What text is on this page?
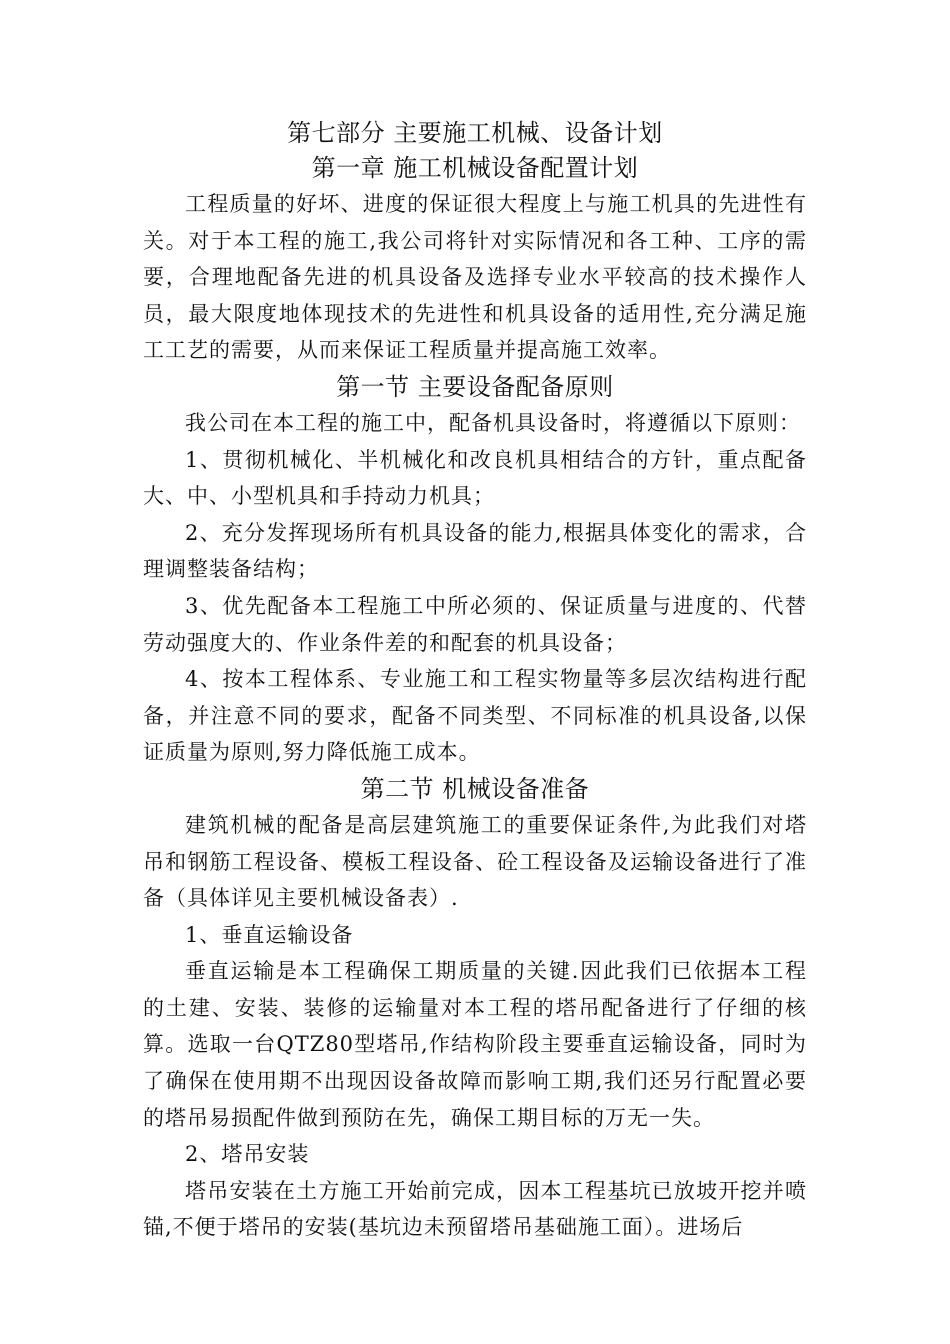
第七部分 主要施工机械、设备计划
第一章 施工机械设备配置计划

工程质量的好坏、进度的保证很大程度上与施工机具的先进性有关。对于本工程的施工,我公司将针对实际情况和各工种、工序的需要，合理地配备先进的机具设备及选择专业水平较高的技术操作人员，最大限度地体现技术的先进性和机具设备的适用性,充分满足施工工艺的需要，从而来保证工程质量并提高施工效率。

第一节 主要设备配备原则

我公司在本工程的施工中，配备机具设备时，将遵循以下原则：

1、贯彻机械化、半机械化和改良机具相结合的方针，重点配备大、中、小型机具和手持动力机具；

2、充分发挥现场所有机具设备的能力,根据具体变化的需求，合理调整装备结构；

3、优先配备本工程施工中所必须的、保证质量与进度的、代替劳动强度大的、作业条件差的和配套的机具设备；

4、按本工程体系、专业施工和工程实物量等多层次结构进行配备，并注意不同的要求，配备不同类型、不同标准的机具设备,以保证质量为原则,努力降低施工成本。

第二节 机械设备准备

建筑机械的配备是高层建筑施工的重要保证条件,为此我们对塔吊和钢筋工程设备、模板工程设备、砼工程设备及运输设备进行了准备（具体详见主要机械设备表）.

1、垂直运输设备

垂直运输是本工程确保工期质量的关键.因此我们已依据本工程的土建、安装、装修的运输量对本工程的塔吊配备进行了仔细的核算。选取一台QTZ80型塔吊,作结构阶段主要垂直运输设备，同时为了确保在使用期不出现因设备故障而影响工期,我们还另行配置必要的塔吊易损配件做到预防在先，确保工期目标的万无一失。

2、塔吊安装

塔吊安装在土方施工开始前完成，因本工程基坑已放坡开挖并喷锚,不便于塔吊的安装(基坑边未预留塔吊基础施工面）。进场后
